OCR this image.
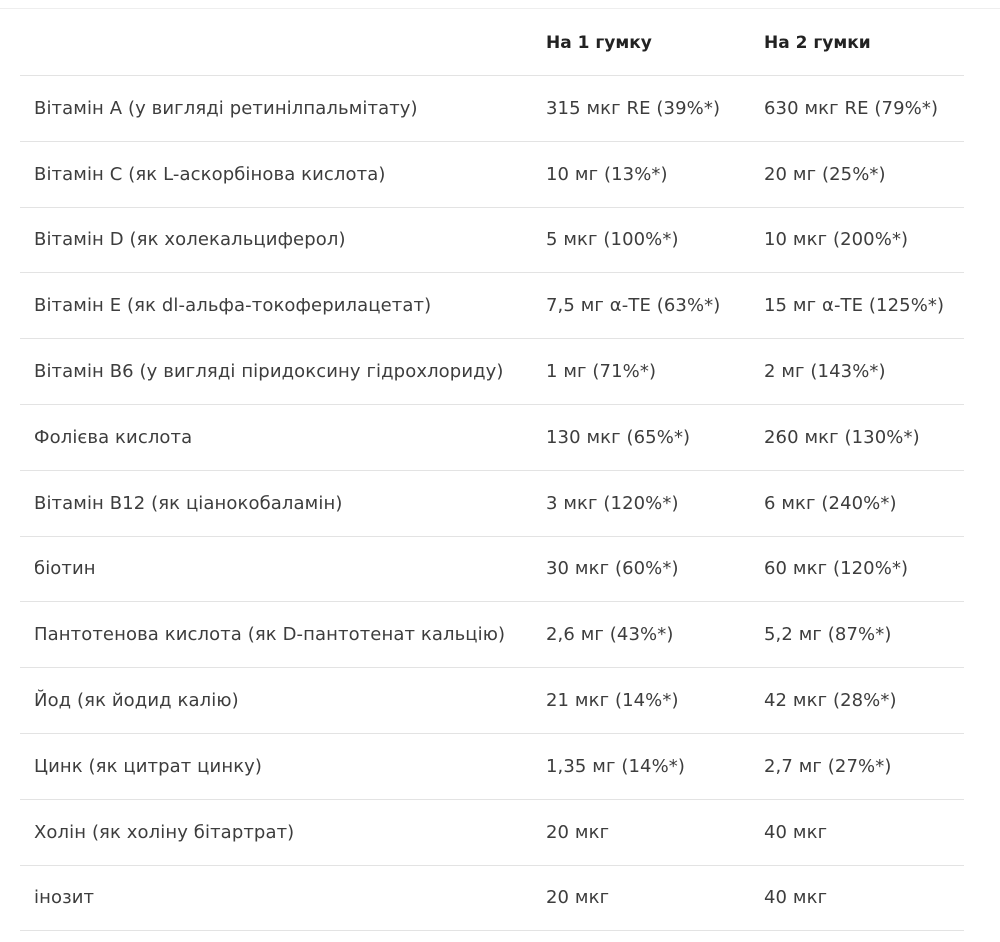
	На 1 гумку	На 2 гумки
Вітамін А (у вигляді ретинілпальмітату)	315 мкг RE (39%*)	630 мкг RE (79%*)
Вітамін С (як L-аскорбінова кислота)	10 мг (13%*)	20 мг (25%*)
Вітамін D (як холекальциферол)	5 мкг (100%*)	10 мкг (200%*)
Вітамін Е (як dl-альфа-токоферилацетат)	7,5 мг α-TE (63%*)	15 мг α-TE (125%*)
Вітамін В6 (у вигляді піридоксину гідрохлориду)	1 мг (71%*)	2 мг (143%*)
Фолієва кислота	130 мкг (65%*)	260 мкг (130%*)
Вітамін В12 (як ціанокобаламін)	3 мкг (120%*)	6 мкг (240%*)
біотин	30 мкг (60%*)	60 мкг (120%*)
Пантотенова кислота (як D-пантотенат кальцію)	2,6 мг (43%*)	5,2 мг (87%*)
Йод (як йодид калію)	21 мкг (14%*)	42 мкг (28%*)
Цинк (як цитрат цинку)	1,35 мг (14%*)	2,7 мг (27%*)
Холін (як холіну бітартрат)	20 мкг	40 мкг
інозит	20 мкг	40 мкг
